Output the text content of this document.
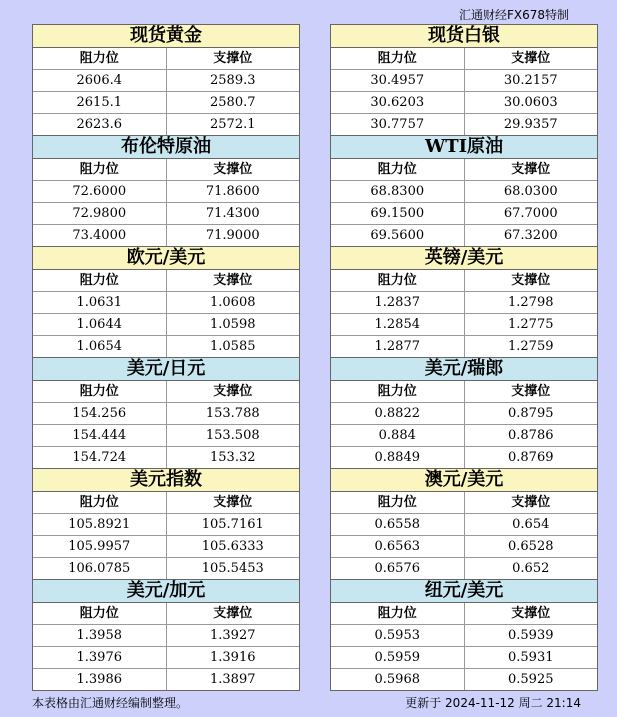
汇通财经FX678特制
现货黄金
阻力位	支撑位
2606.4	2589.3
2615.1	2580.7
2623.6	2572.1
布伦特原油
阻力位	支撑位
72.6000	71.8600
72.9800	71.4300
73.4000	71.9000
欧元/美元
阻力位	支撑位
1.0631	1.0608
1.0644	1.0598
1.0654	1.0585
美元/日元
阻力位	支撑位
154.256	153.788
154.444	153.508
154.724	153.32
美元指数
阻力位	支撑位
105.8921	105.7161
105.9957	105.6333
106.0785	105.5453
美元/加元
阻力位	支撑位
1.3958	1.3927
1.3976	1.3916
1.3986	1.3897
现货白银
阻力位	支撑位
30.4957	30.2157
30.6203	30.0603
30.7757	29.9357
WTI原油
阻力位	支撑位
68.8300	68.0300
69.1500	67.7000
69.5600	67.3200
英镑/美元
阻力位	支撑位
1.2837	1.2798
1.2854	1.2775
1.2877	1.2759
美元/瑞郎
阻力位	支撑位
0.8822	0.8795
0.884	0.8786
0.8849	0.8769
澳元/美元
阻力位	支撑位
0.6558	0.654
0.6563	0.6528
0.6576	0.652
纽元/美元
阻力位	支撑位
0.5953	0.5939
0.5959	0.5931
0.5968	0.5925
本表格由汇通财经编制整理。	更新于 2024-11-12 周二 21:14
